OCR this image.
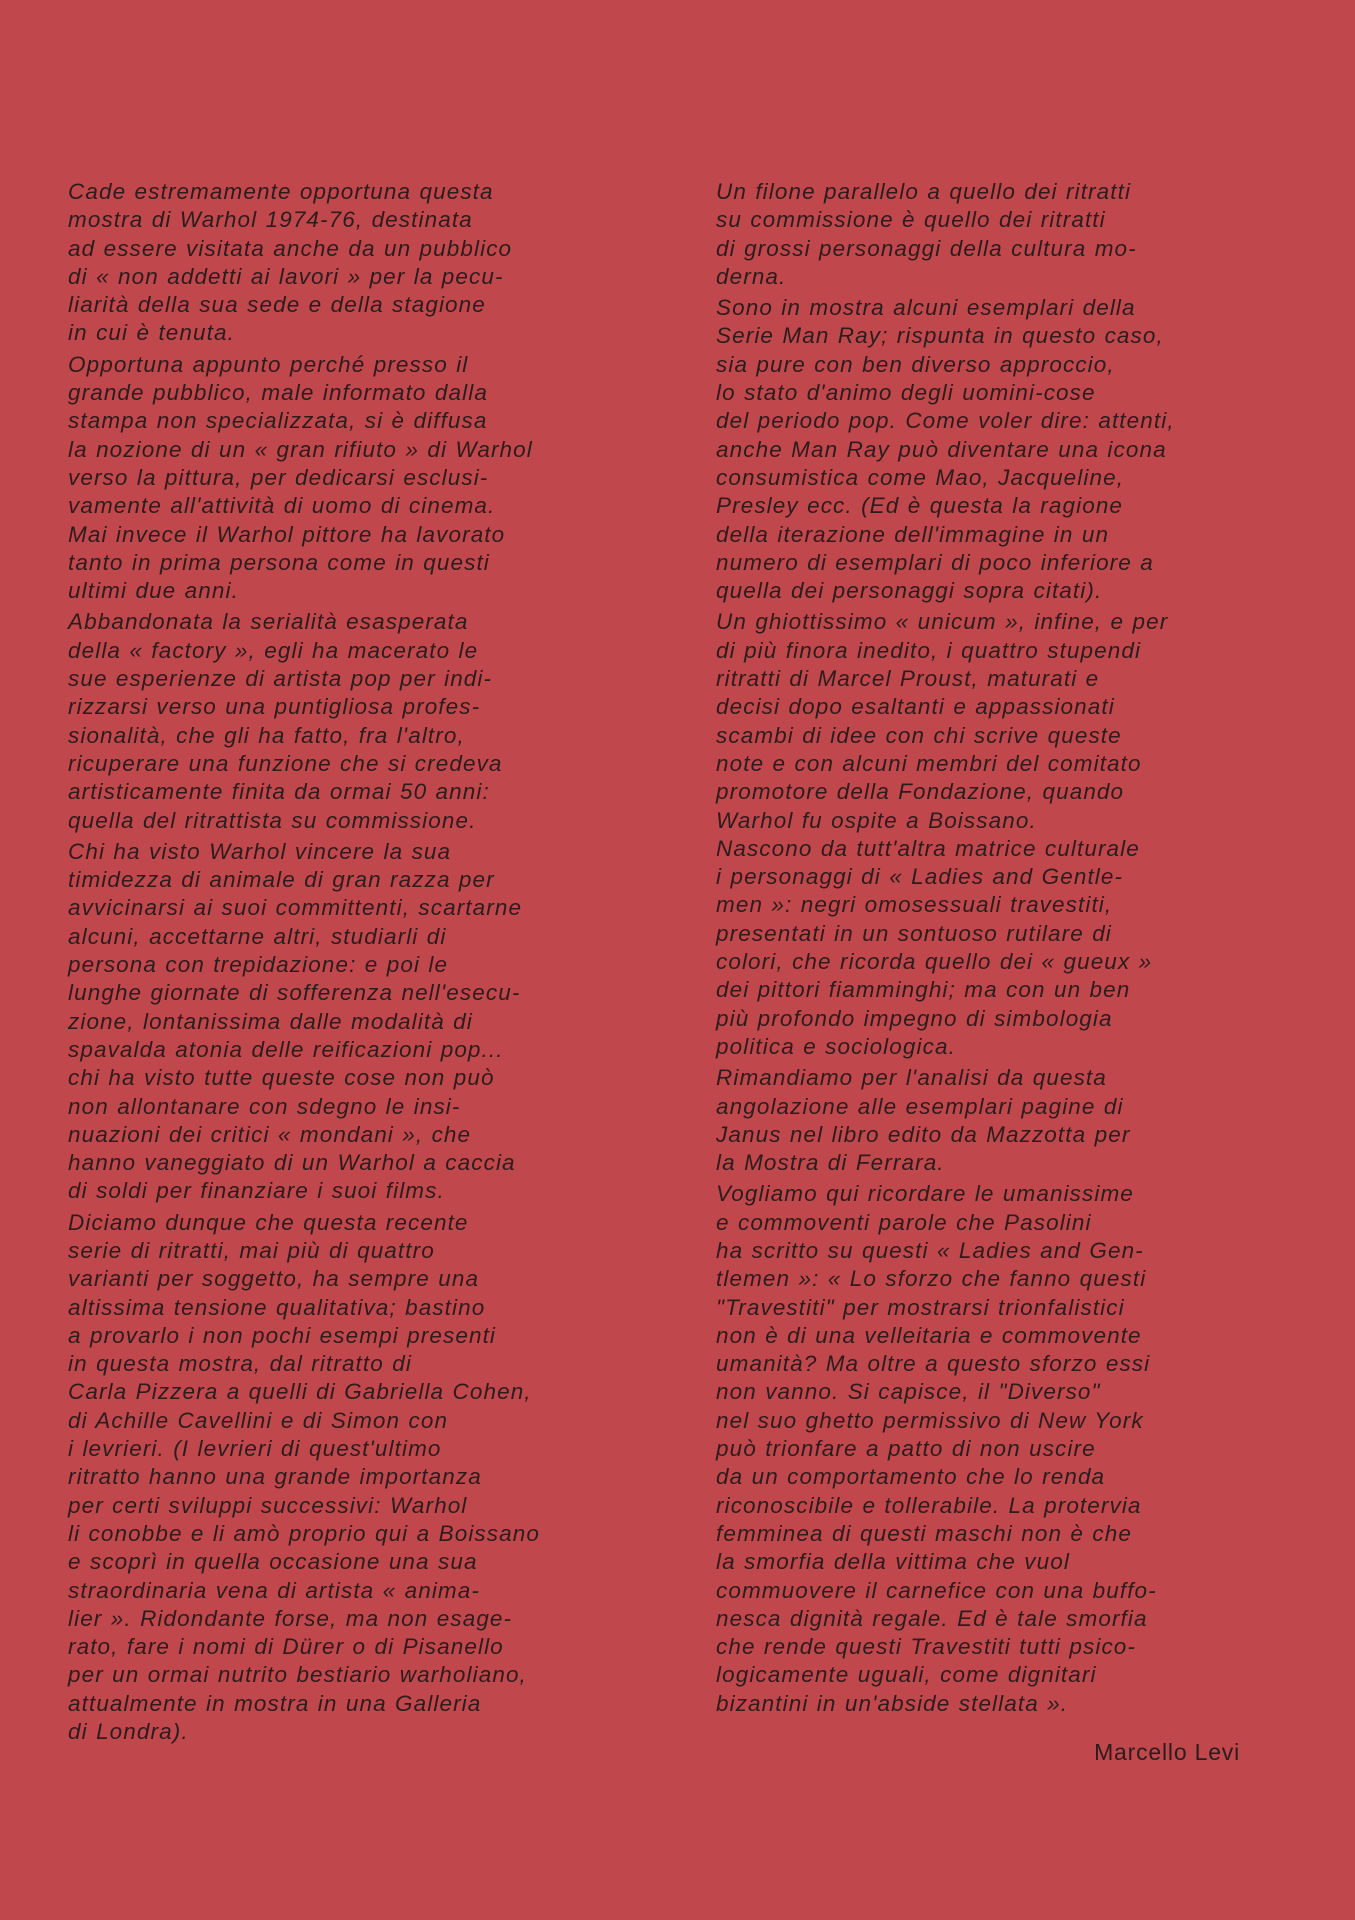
Cade estremamente opportuna questa
mostra di Warhol 1974-76, destinata
ad essere visitata anche da un pubblico
di « non addetti ai lavori » per la pecu-
liarità della sua sede e della stagione
in cui è tenuta.
Opportuna appunto perché presso il
grande pubblico, male informato dalla
stampa non specializzata, si è diffusa
la nozione di un « gran rifiuto » di Warhol
verso la pittura, per dedicarsi esclusi-
vamente all'attività di uomo di cinema.
Mai invece il Warhol pittore ha lavorato
tanto in prima persona come in questi
ultimi due anni.
Abbandonata la serialità esasperata
della « factory », egli ha macerato le
sue esperienze di artista pop per indi-
rizzarsi verso una puntigliosa profes-
sionalità, che gli ha fatto, fra l'altro,
ricuperare una funzione che si credeva
artisticamente finita da ormai 50 anni:
quella del ritrattista su commissione.
Chi ha visto Warhol vincere la sua
timidezza di animale di gran razza per
avvicinarsi ai suoi committenti, scartarne
alcuni, accettarne altri, studiarli di
persona con trepidazione: e poi le
lunghe giornate di sofferenza nell'esecu-
zione, lontanissima dalle modalità di
spavalda atonia delle reificazioni pop...
chi ha visto tutte queste cose non può
non allontanare con sdegno le insi-
nuazioni dei critici « mondani », che
hanno vaneggiato di un Warhol a caccia
di soldi per finanziare i suoi films.
Diciamo dunque che questa recente
serie di ritratti, mai più di quattro
varianti per soggetto, ha sempre una
altissima tensione qualitativa; bastino
a provarlo i non pochi esempi presenti
in questa mostra, dal ritratto di
Carla Pizzera a quelli di Gabriella Cohen,
di Achille Cavellini e di Simon con
i levrieri. (I levrieri di quest'ultimo
ritratto hanno una grande importanza
per certi sviluppi successivi: Warhol
li conobbe e li amò proprio qui a Boissano
e scoprì in quella occasione una sua
straordinaria vena di artista « anima-
lier ». Ridondante forse, ma non esage-
rato, fare i nomi di Dürer o di Pisanello
per un ormai nutrito bestiario warholiano,
attualmente in mostra in una Galleria
di Londra).
Un filone parallelo a quello dei ritratti
su commissione è quello dei ritratti
di grossi personaggi della cultura mo-
derna.
Sono in mostra alcuni esemplari della
Serie Man Ray; rispunta in questo caso,
sia pure con ben diverso approccio,
lo stato d'animo degli uomini-cose
del periodo pop. Come voler dire: attenti,
anche Man Ray può diventare una icona
consumistica come Mao, Jacqueline,
Presley ecc. (Ed è questa la ragione
della iterazione dell'immagine in un
numero di esemplari di poco inferiore a
quella dei personaggi sopra citati).
Un ghiottissimo « unicum », infine, e per
di più finora inedito, i quattro stupendi
ritratti di Marcel Proust, maturati e
decisi dopo esaltanti e appassionati
scambi di idee con chi scrive queste
note e con alcuni membri del comitato
promotore della Fondazione, quando
Warhol fu ospite a Boissano.
Nascono da tutt'altra matrice culturale
i personaggi di « Ladies and Gentle-
men »: negri omosessuali travestiti,
presentati in un sontuoso rutilare di
colori, che ricorda quello dei « gueux »
dei pittori fiamminghi; ma con un ben
più profondo impegno di simbologia
politica e sociologica.
Rimandiamo per l'analisi da questa
angolazione alle esemplari pagine di
Janus nel libro edito da Mazzotta per
la Mostra di Ferrara.
Vogliamo qui ricordare le umanissime
e commoventi parole che Pasolini
ha scritto su questi « Ladies and Gen-
tlemen »: « Lo sforzo che fanno questi
"Travestiti" per mostrarsi trionfalistici
non è di una velleitaria e commovente
umanità? Ma oltre a questo sforzo essi
non vanno. Si capisce, il "Diverso"
nel suo ghetto permissivo di New York
può trionfare a patto di non uscire
da un comportamento che lo renda
riconoscibile e tollerabile. La protervia
femminea di questi maschi non è che
la smorfia della vittima che vuol
commuovere il carnefice con una buffo-
nesca dignità regale. Ed è tale smorfia
che rende questi Travestiti tutti psico-
logicamente uguali, come dignitari
bizantini in un'abside stellata ».
Marcello Levi
